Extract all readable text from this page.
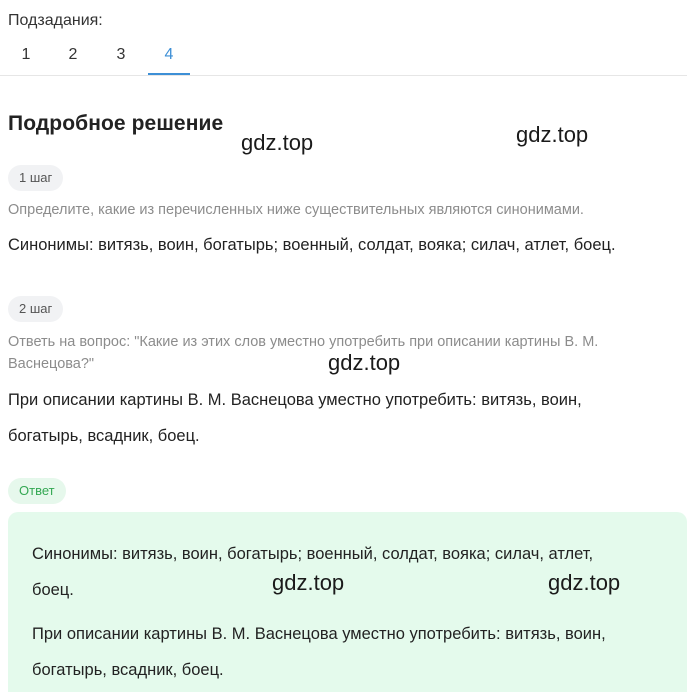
Подзадания:
1	2	3	4
Подробное решение
1 шаг
Определите, какие из перечисленных ниже существительных являются синонимами.
Синонимы: витязь, воин, богатырь; военный, солдат, вояка; силач, атлет, боец.
2 шаг
Ответь на вопрос: "Какие из этих слов уместно употребить при описании картины В. М.
Васнецова?"
При описании картины В. М. Васнецова уместно употребить: витязь, воин,
богатырь, всадник, боец.
Ответ
Синонимы: витязь, воин, богатырь; военный, солдат, вояка; силач, атлет,
боец.
При описании картины В. М. Васнецова уместно употребить: витязь, воин,
богатырь, всадник, боец.
gdz.top	gdz.top
gdz.top
gdz.top	gdz.top
